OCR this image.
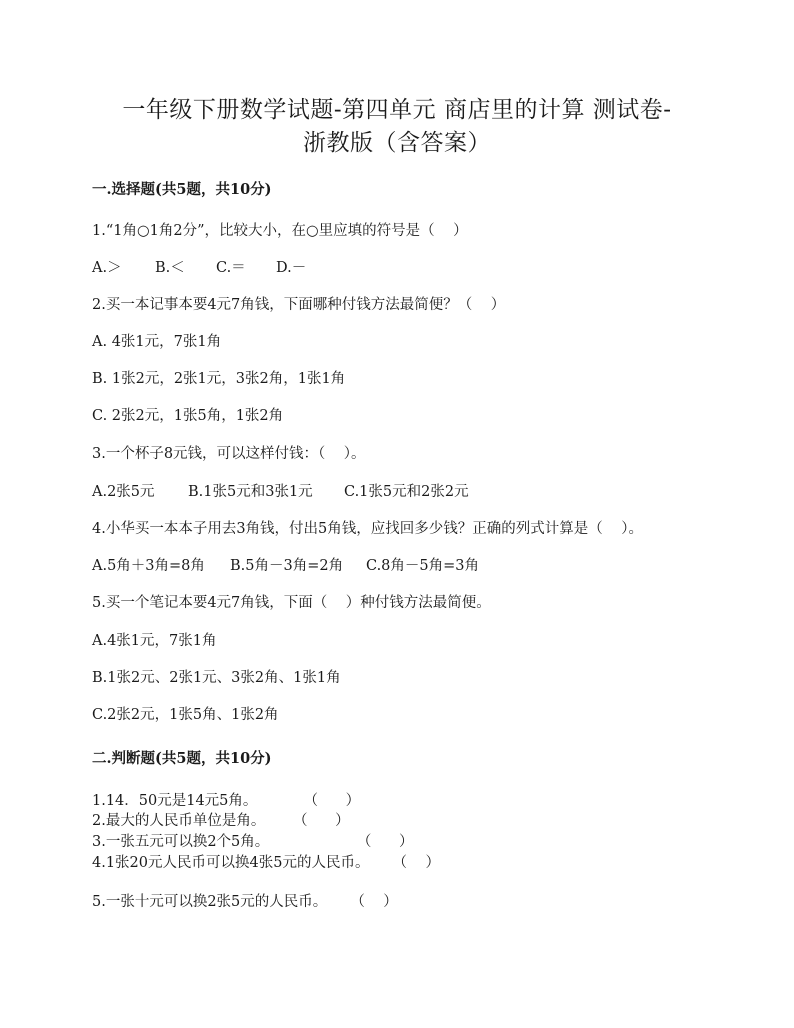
一年级下册数学试题-第四单元 商店里的计算 测试卷-
浙教版（含答案）
一.选择题(共5题，共10分)
1.“1角○1角2分”，比较大小，在○里应填的符号是（    ）
A.＞ B.＜ C.＝ D.－
2.买一本记事本要4元7角钱，下面哪种付钱方法最简便？（    ）
A. 4张1元，7张1角
B. 1张2元，2张1元，3张2角，1张1角
C. 2张2元，1张5角，1张2角
3.一个杯子8元钱，可以这样付钱：（    ）。
A.2张5元 B.1张5元和3张1元 C.1张5元和2张2元
4.小华买一本本子用去3角钱，付出5角钱，应找回多少钱？正确的列式计算是（    ）。
A.5角＋3角=8角 B.5角－3角=2角 C.8角－5角=3角
5.买一个笔记本要4元7角钱，下面（    ）种付钱方法最简便。
A.4张1元，7张1角
B.1张2元、2张1元、3张2角、1张1角
C.2张2元，1张5角、1张2角
二.判断题(共5题，共10分)
1.14．50元是14元5角。          （      ）
2.最大的人民币单位是角。      （      ）
3.一张五元可以换2个5角。                   （      ）
4.1张20元人民币可以换4张5元的人民币。     （    ）
5.一张十元可以换2张5元的人民币。     （    ）
